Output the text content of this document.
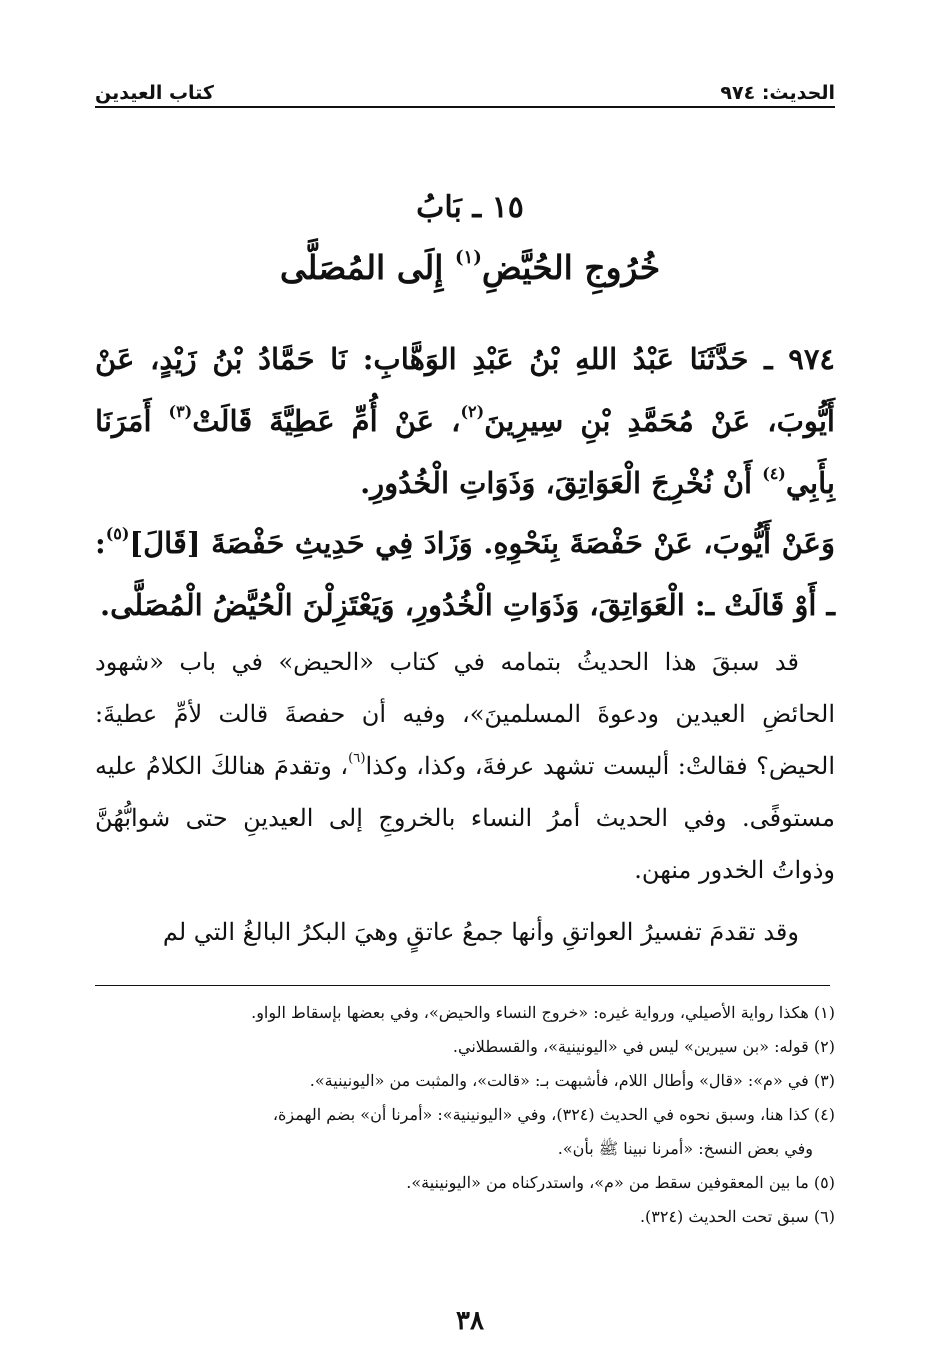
الحديث: ٩٧٤
كتاب العيدين
١٥ ـ بَابُ
خُرُوجِ الحُيَّضِ$^{(١)}$ إِلَى المُصَلَّى
٩٧٤ ـ حَدَّثَنَا عَبْدُ اللهِ بْنُ عَبْدِ الوَهَّابِ: نَا حَمَّادُ بْنُ زَيْدٍ، عَنْ أَيُّوبَ، عَنْ مُحَمَّدِ بْنِ سِيرِينَ$^{(٢)}$، عَنْ أُمِّ عَطِيَّةَ قَالَتْ$^{(٣)}$ أَمَرَنَا بِأَبِي$^{(٤)}$ أَنْ نُخْرِجَ الْعَوَاتِقَ، وَذَوَاتِ الْخُدُورِ.
وَعَنْ أَيُّوبَ، عَنْ حَفْصَةَ بِنَحْوِهِ. وَزَادَ فِي حَدِيثِ حَفْصَةَ [قَالَ]$^{(٥)}$: ـ أَوْ قَالَتْ ـ: الْعَوَاتِقَ، وَذَوَاتِ الْخُدُورِ، وَيَعْتَزِلْنَ الْحُيَّضُ الْمُصَلَّى.

قد سبقَ هذا الحديثُ بتمامه في كتاب «الحيض» في باب «شهود الحائضِ العيدين ودعوةَ المسلمينَ»، وفيه أن حفصةَ قالت لأمِّ عطيةَ: الحيض؟ فقالتْ: أليست تشهد عرفةَ، وكذا، وكذا$^{(٦)}$، وتقدمَ هنالكَ الكلامُ عليه مستوفًى. وفي الحديث أمرُ النساء بالخروجِ إلى العيدينِ حتى شوابُّهُنَّ وذواتُ الخدور منهن.

وقد تقدمَ تفسيرُ العواتقِ وأنها جمعُ عاتقٍ وهيَ البكرُ البالغُ التي لم

(١) هكذا رواية الأصيلي، ورواية غيره: «خروج النساء والحيض»، وفي بعضها بإسقاط الواو.
(٢) قوله: «بن سيرين» ليس في «اليونينية»، والقسطلاني.
(٣) في «م»: «قال» وأطال اللام، فأشبهت بـ: «قالت»، والمثبت من «اليونينية».
(٤) كذا هنا، وسبق نحوه في الحديث (٣٢٤)، وفي «اليونينية»: «أمرنا أن» بضم الهمزة،
وفي بعض النسخ: «أمرنا نبينا ﷺ بأن».
(٥) ما بين المعقوفين سقط من «م»، واستدركناه من «اليونينية».
(٦) سبق تحت الحديث (٣٢٤).
٣٨
